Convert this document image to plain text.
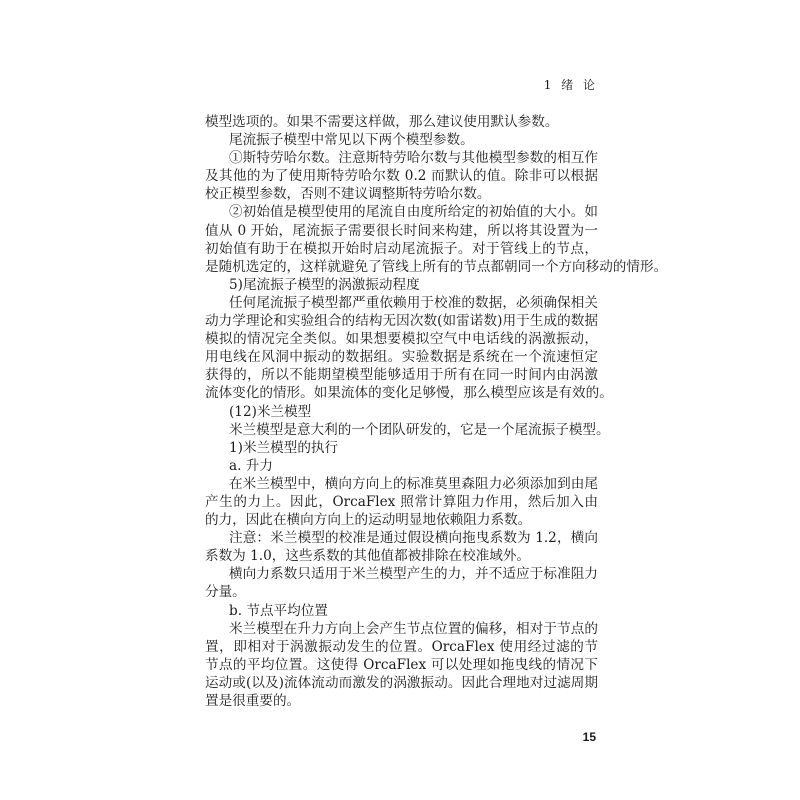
1 绪 论
模型选项的。如果不需要这样做，那么建议使用默认参数。
尾流振子模型中常见以下两个模型参数。
①斯特劳哈尔数。注意斯特劳哈尔数与其他模型参数的相互作
及其他的为了使用斯特劳哈尔数 0.2 而默认的值。除非可以根据
校正模型参数，否则不建议调整斯特劳哈尔数。
②初始值是模型使用的尾流自由度所给定的初始值的大小。如
值从 0 开始，尾流振子需要很长时间来构建，所以将其设置为一
初始值有助于在模拟开始时启动尾流振子。对于管线上的节点，
是随机选定的，这样就避免了管线上所有的节点都朝同一个方向移动的情形。
5)尾流振子模型的涡激振动程度
任何尾流振子模型都严重依赖用于校准的数据，必须确保相关
动力学理论和实验组合的结构无因次数(如雷诺数)用于生成的数据
模拟的情况完全类似。如果想要模拟空气中电话线的涡激振动，
用电线在风洞中振动的数据组。实验数据是系统在一个流速恒定
获得的，所以不能期望模型能够适用于所有在同一时间内由涡激
流体变化的情形。如果流体的变化足够慢，那么模型应该是有效的。
(12)米兰模型
米兰模型是意大利的一个团队研发的，它是一个尾流振子模型。
1)米兰模型的执行
a. 升力
在米兰模型中，横向方向上的标准莫里森阻力必须添加到由尾
产生的力上。因此，OrcaFlex 照常计算阻力作用，然后加入由
的力，因此在横向方向上的运动明显地依赖阻力系数。
注意：米兰模型的校准是通过假设横向拖曳系数为 1.2，横向
系数为 1.0，这些系数的其他值都被排除在校准域外。
横向力系数只适用于米兰模型产生的力，并不适应于标准阻力
分量。
b. 节点平均位置
米兰模型在升力方向上会产生节点位置的偏移，相对于节点的
置，即相对于涡激振动发生的位置。OrcaFlex 使用经过滤的节
节点的平均位置。这使得 OrcaFlex 可以处理如拖曳线的情况下
运动或(以及)流体流动而激发的涡激振动。因此合理地对过滤周期
置是很重要的。
15
